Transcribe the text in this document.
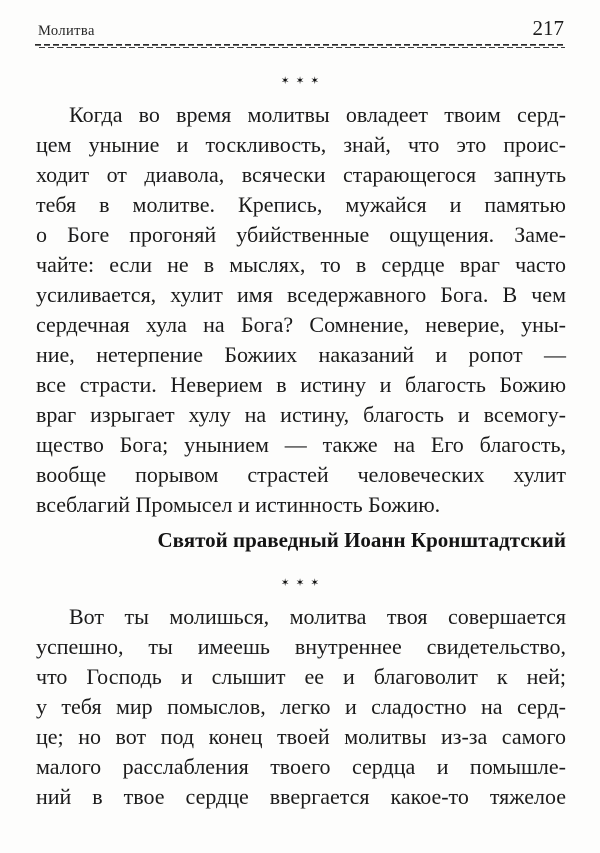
Молитва	217
✶✶✶
Когда во время молитвы овладеет твоим серд-
цем уныние и тоскливость, знай, что это проис-
ходит от диавола, всячески старающегося запнуть
тебя в молитве. Крепись, мужайся и памятью
о Боге прогоняй убийственные ощущения. Заме-
чайте: если не в мыслях, то в сердце враг часто
усиливается, хулит имя вседержавного Бога. В чем
сердечная хула на Бога? Сомнение, неверие, уны-
ние, нетерпение Божиих наказаний и ропот —
все страсти. Неверием в истину и благость Божию
враг изрыгает хулу на истину, благость и всемогу-
щество Бога; унынием — также на Его благость,
вообще порывом страстей человеческих хулит
всеблагий Промысел и истинность Божию.
Святой праведный Иоанн Кронштадтский
✶✶✶
Вот ты молишься, молитва твоя совершается
успешно, ты имеешь внутреннее свидетельство,
что Господь и слышит ее и благоволит к ней;
у тебя мир помыслов, легко и сладостно на серд-
це; но вот под конец твоей молитвы из-за самого
малого расслабления твоего сердца и помышле-
ний в твое сердце ввергается какое-то тяжелое
